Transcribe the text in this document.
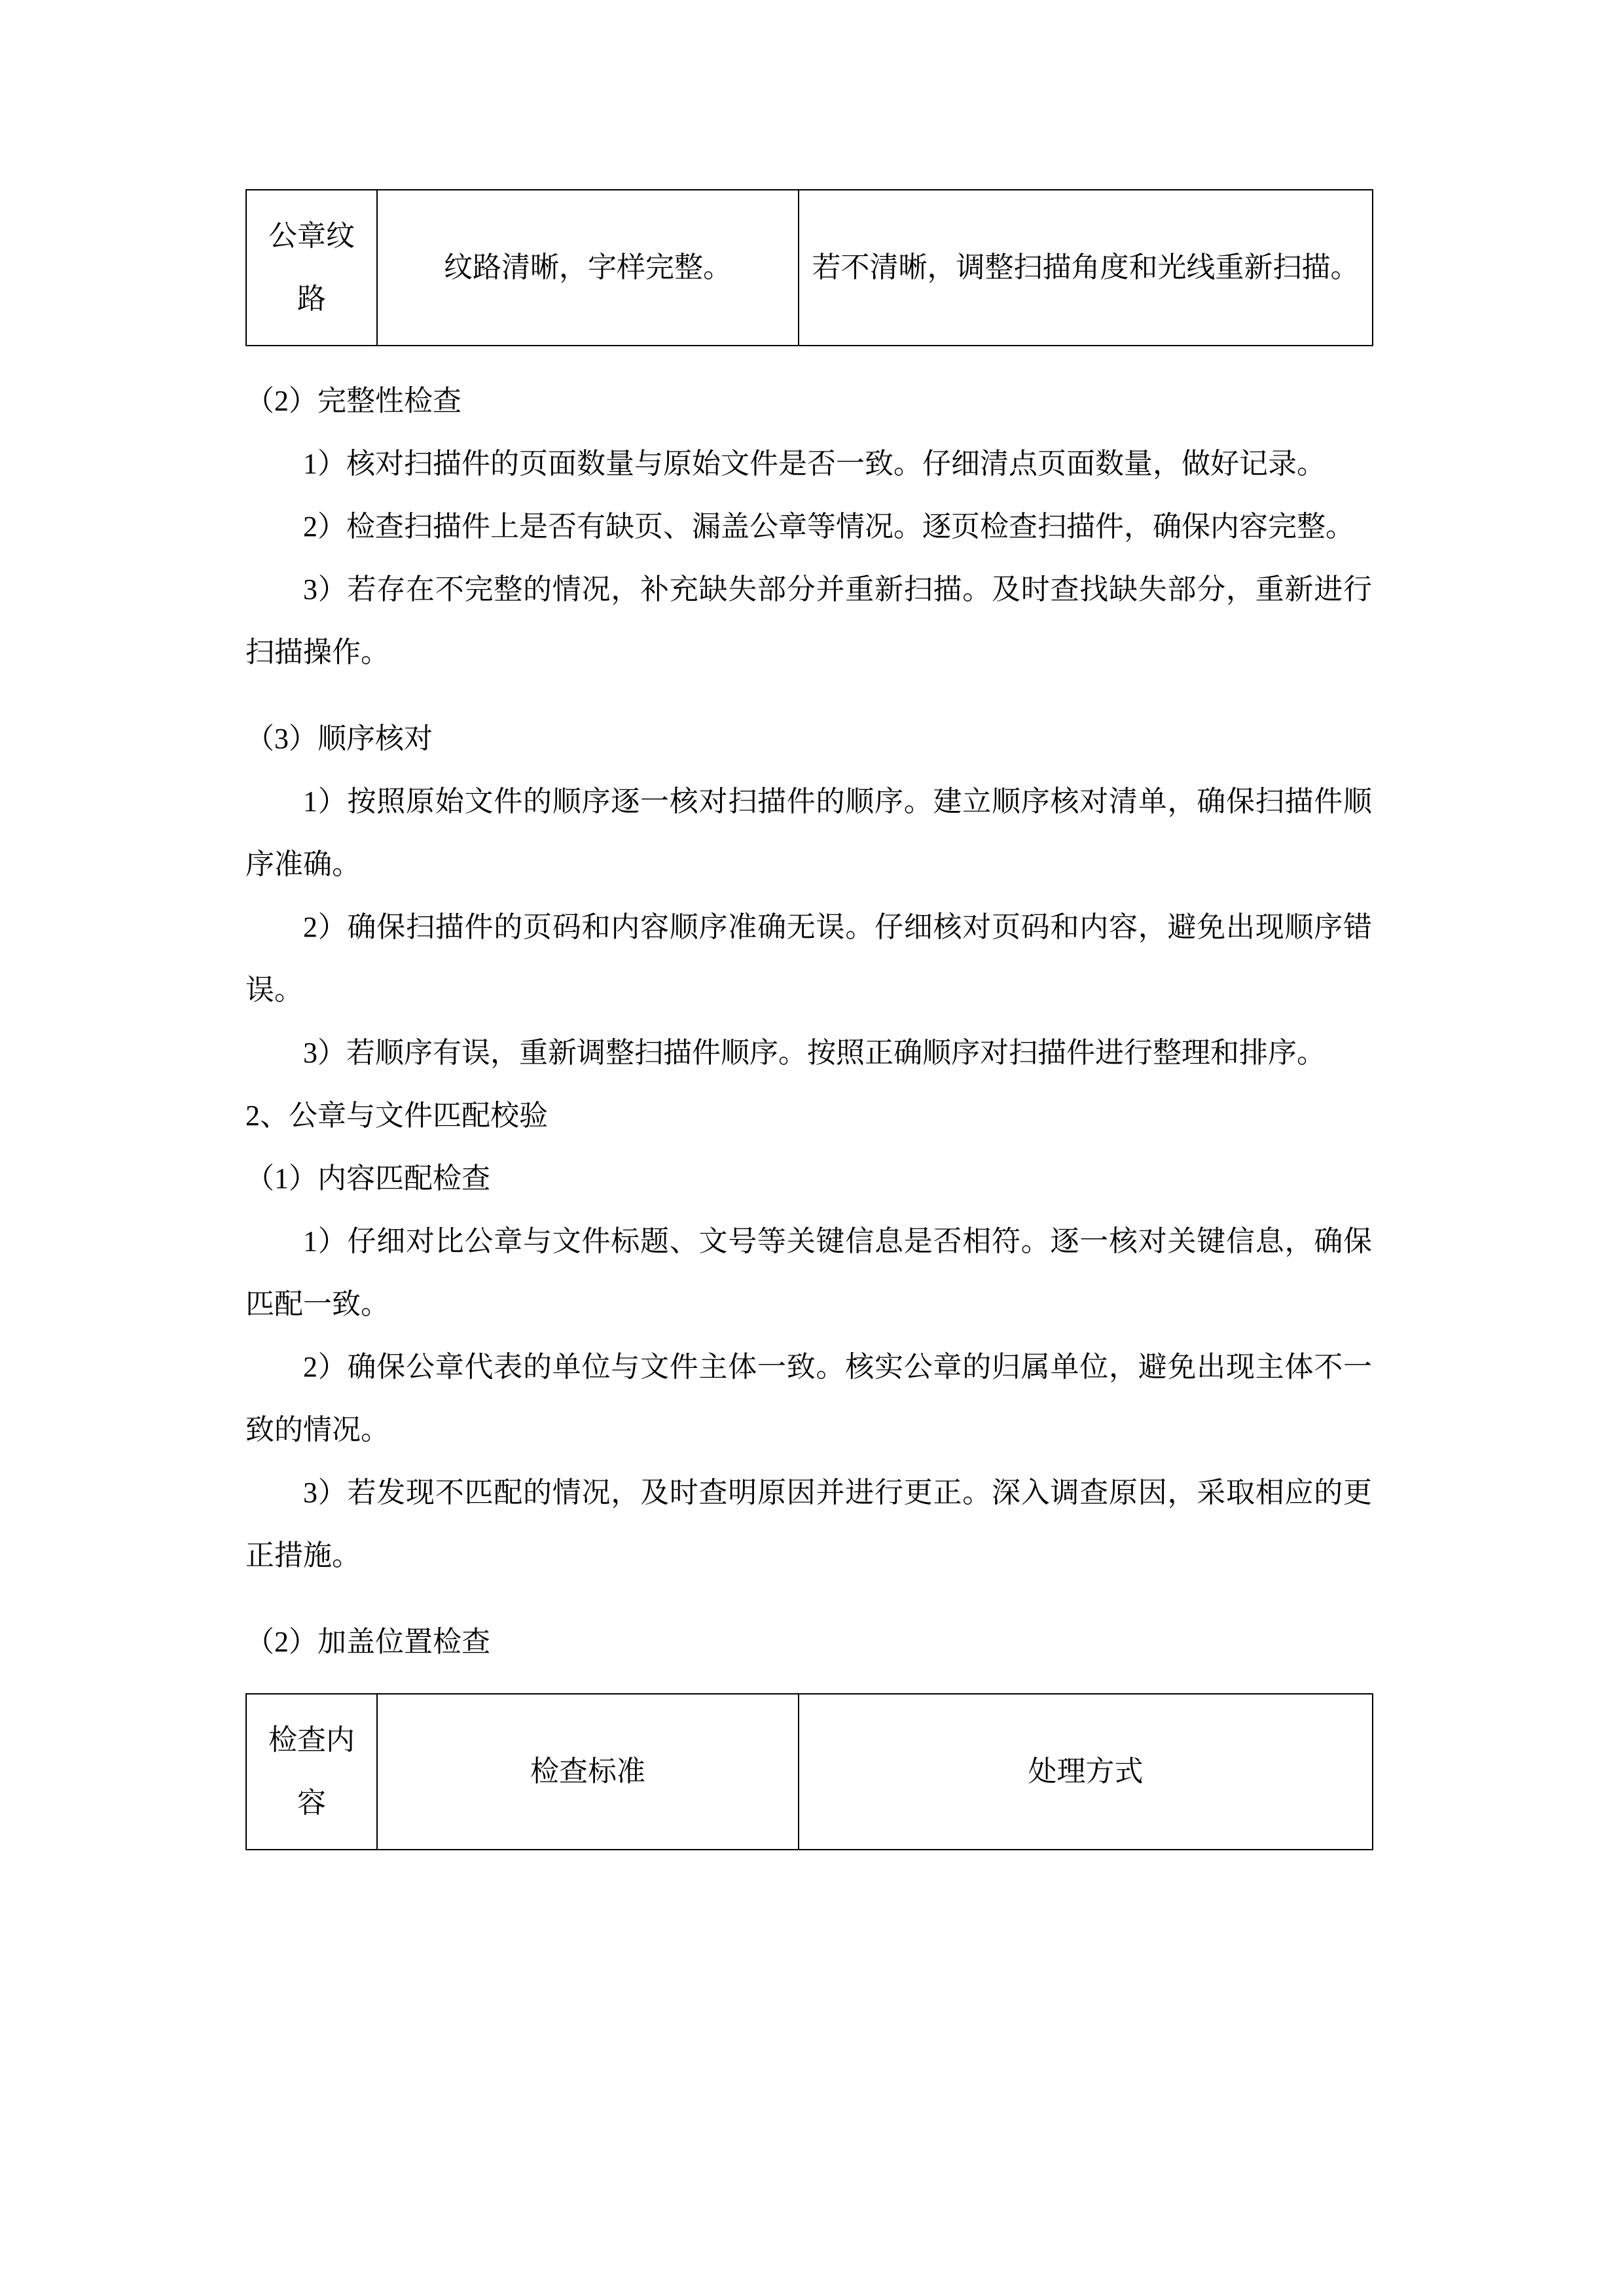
公章纹路	纹路清晰，字样完整。	若不清晰，调整扫描角度和光线重新扫描。

（2）完整性检查

1）核对扫描件的页面数量与原始文件是否一致。仔细清点页面数量，做好记录。

2）检查扫描件上是否有缺页、漏盖公章等情况。逐页检查扫描件，确保内容完整。

3）若存在不完整的情况，补充缺失部分并重新扫描。及时查找缺失部分，重新进行扫描操作。

（3）顺序核对

1）按照原始文件的顺序逐一核对扫描件的顺序。建立顺序核对清单，确保扫描件顺序准确。

2）确保扫描件的页码和内容顺序准确无误。仔细核对页码和内容，避免出现顺序错误。

3）若顺序有误，重新调整扫描件顺序。按照正确顺序对扫描件进行整理和排序。

2、公章与文件匹配校验

（1）内容匹配检查

1）仔细对比公章与文件标题、文号等关键信息是否相符。逐一核对关键信息，确保匹配一致。

2）确保公章代表的单位与文件主体一致。核实公章的归属单位，避免出现主体不一致的情况。

3）若发现不匹配的情况，及时查明原因并进行更正。深入调查原因，采取相应的更正措施。

（2）加盖位置检查

检查内容	检查标准	处理方式
